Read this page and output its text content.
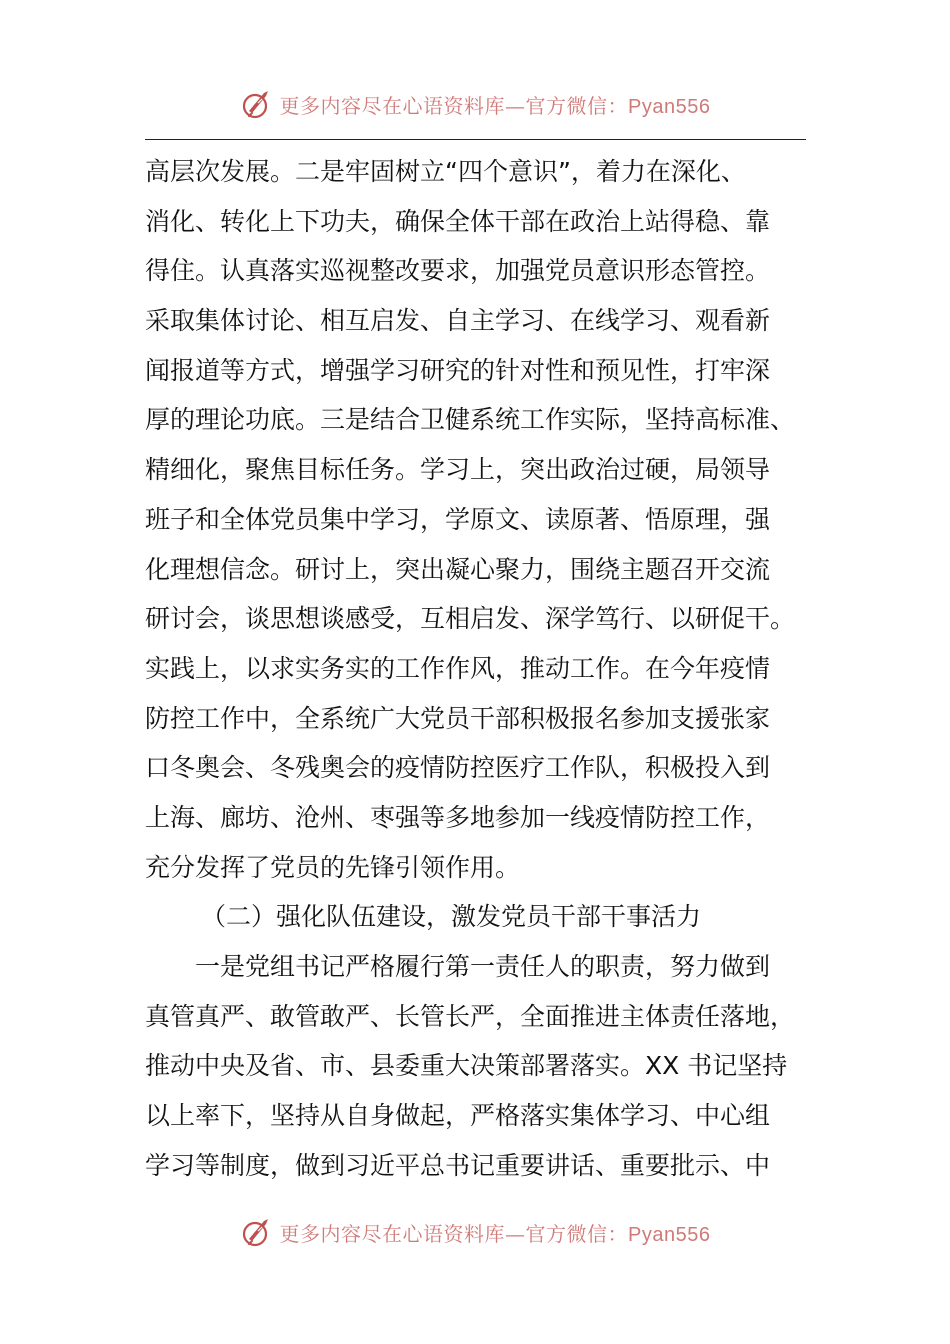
更多内容尽在心语资料库—官方微信：Pyan556
高层次发展。二是牢固树立“四个意识”，着力在深化、
消化、转化上下功夫，确保全体干部在政治上站得稳、靠
得住。认真落实巡视整改要求，加强党员意识形态管控。
采取集体讨论、相互启发、自主学习、在线学习、观看新
闻报道等方式，增强学习研究的针对性和预见性，打牢深
厚的理论功底。三是结合卫健系统工作实际，坚持高标准、
精细化，聚焦目标任务。学习上，突出政治过硬，局领导
班子和全体党员集中学习，学原文、读原著、悟原理，强
化理想信念。研讨上，突出凝心聚力，围绕主题召开交流
研讨会，谈思想谈感受，互相启发、深学笃行、以研促干。
实践上，以求实务实的工作作风，推动工作。在今年疫情
防控工作中，全系统广大党员干部积极报名参加支援张家
口冬奥会、冬残奥会的疫情防控医疗工作队，积极投入到
上海、廊坊、沧州、枣强等多地参加一线疫情防控工作，
充分发挥了党员的先锋引领作用。
（二）强化队伍建设，激发党员干部干事活力
一是党组书记严格履行第一责任人的职责，努力做到
真管真严、敢管敢严、长管长严，全面推进主体责任落地，
推动中央及省、市、县委重大决策部署落实。XX 书记坚持
以上率下，坚持从自身做起，严格落实集体学习、中心组
学习等制度，做到习近平总书记重要讲话、重要批示、中
更多内容尽在心语资料库—官方微信：Pyan556
